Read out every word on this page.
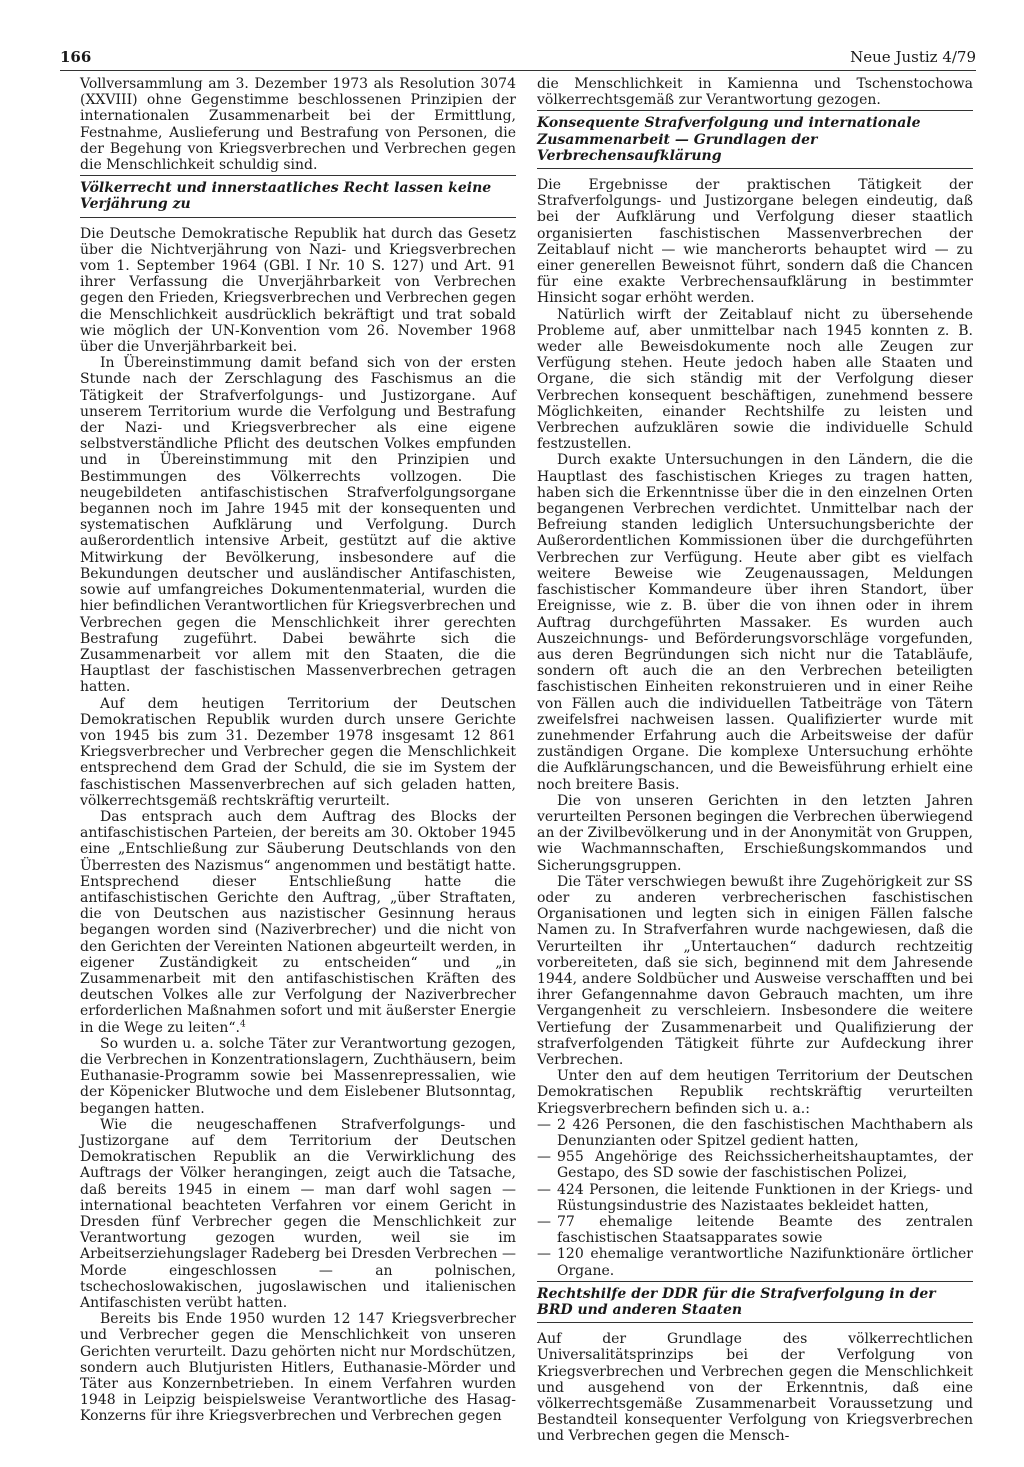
166	Neue Justiz 4/79

Vollversammlung am 3. Dezember 1973 als Resolution 3074 (XXVIII) ohne Gegenstimme beschlossenen Prinzipien der internationalen Zusammenarbeit bei der Ermittlung, Festnahme, Auslieferung und Bestrafung von Personen, die der Begehung von Kriegsverbrechen und Verbrechen gegen die Menschlichkeit schuldig sind.

Völkerrecht und innerstaatliches Recht lassen keine Verjährung zu

Die Deutsche Demokratische Republik hat durch das Gesetz über die Nichtverjährung von Nazi- und Kriegsverbrechen vom 1. September 1964 (GBl. I Nr. 10 S. 127) und Art. 91 ihrer Verfassung die Unverjährbarkeit von Verbrechen gegen den Frieden, Kriegsverbrechen und Verbrechen gegen die Menschlichkeit ausdrücklich bekräftigt und trat sobald wie möglich der UN-Konvention vom 26. November 1968 über die Unverjährbarkeit bei.

In Übereinstimmung damit befand sich von der ersten Stunde nach der Zerschlagung des Faschismus an die Tätigkeit der Strafverfolgungs- und Justizorgane. Auf unserem Territorium wurde die Verfolgung und Bestrafung der Nazi- und Kriegsverbrecher als eine eigene selbstverständliche Pflicht des deutschen Volkes empfunden und in Übereinstimmung mit den Prinzipien und Bestimmungen des Völkerrechts vollzogen. Die neugebildeten antifaschistischen Strafverfolgungsorgane begannen noch im Jahre 1945 mit der konsequenten und systematischen Aufklärung und Verfolgung. Durch außerordentlich intensive Arbeit, gestützt auf die aktive Mitwirkung der Bevölkerung, insbesondere auf die Bekundungen deutscher und ausländischer Antifaschisten, sowie auf umfangreiches Dokumentenmaterial, wurden die hier befindlichen Verantwortlichen für Kriegsverbrechen und Verbrechen gegen die Menschlichkeit ihrer gerechten Bestrafung zugeführt. Dabei bewährte sich die Zusammenarbeit vor allem mit den Staaten, die die Hauptlast der faschistischen Massenverbrechen getragen hatten.

Auf dem heutigen Territorium der Deutschen Demokratischen Republik wurden durch unsere Gerichte von 1945 bis zum 31. Dezember 1978 insgesamt 12 861 Kriegsverbrecher und Verbrecher gegen die Menschlichkeit entsprechend dem Grad der Schuld, die sie im System der faschistischen Massenverbrechen auf sich geladen hatten, völkerrechtsgemäß rechtskräftig verurteilt.

Das entsprach auch dem Auftrag des Blocks der antifaschistischen Parteien, der bereits am 30. Oktober 1945 eine „Entschließung zur Säuberung Deutschlands von den Überresten des Nazismus“ angenommen und bestätigt hatte. Entsprechend dieser Entschließung hatte die antifaschistischen Gerichte den Auftrag, „über Straftaten, die von Deutschen aus nazistischer Gesinnung heraus begangen worden sind (Naziverbrecher) und die nicht von den Gerichten der Vereinten Nationen abgeurteilt werden, in eigener Zuständigkeit zu entscheiden“ und „in Zusammenarbeit mit den antifaschistischen Kräften des deutschen Volkes alle zur Verfolgung der Naziverbrecher erforderlichen Maßnahmen sofort und mit äußerster Energie in die Wege zu leiten“.$^4$

So wurden u. a. solche Täter zur Verantwortung gezogen, die Verbrechen in Konzentrationslagern, Zuchthäusern, beim Euthanasie-Programm sowie bei Massenrepressalien, wie der Köpenicker Blutwoche und dem Eislebener Blutsonntag, begangen hatten.

Wie die neugeschaffenen Strafverfolgungs- und Justizorgane auf dem Territorium der Deutschen Demokratischen Republik an die Verwirklichung des Auftrags der Völker herangingen, zeigt auch die Tatsache, daß bereits 1945 in einem — man darf wohl sagen — international beachteten Verfahren vor einem Gericht in Dresden fünf Verbrecher gegen die Menschlichkeit zur Verantwortung gezogen wurden, weil sie im Arbeitserziehungslager Radeberg bei Dresden Verbrechen — Morde eingeschlossen — an polnischen, tschechoslowakischen, jugoslawischen und italienischen Antifaschisten verübt hatten.

Bereits bis Ende 1950 wurden 12 147 Kriegsverbrecher und Verbrecher gegen die Menschlichkeit von unseren Gerichten verurteilt. Dazu gehörten nicht nur Mordschützen, sondern auch Blutjuristen Hitlers, Euthanasie-Mörder und Täter aus Konzernbetrieben. In einem Verfahren wurden 1948 in Leipzig beispielsweise Verantwortliche des Hasag-Konzerns für ihre Kriegsverbrechen und Verbrechen gegen

die Menschlichkeit in Kamienna und Tschenstochowa völkerrechtsgemäß zur Verantwortung gezogen.

Konsequente Strafverfolgung und internationale Zusammenarbeit — Grundlagen der Verbrechensaufklärung

Die Ergebnisse der praktischen Tätigkeit der Strafverfolgungs- und Justizorgane belegen eindeutig, daß bei der Aufklärung und Verfolgung dieser staatlich organisierten faschistischen Massenverbrechen der Zeitablauf nicht — wie mancherorts behauptet wird — zu einer generellen Beweisnot führt, sondern daß die Chancen für eine exakte Verbrechensaufklärung in bestimmter Hinsicht sogar erhöht werden.

Natürlich wirft der Zeitablauf nicht zu übersehende Probleme auf, aber unmittelbar nach 1945 konnten z. B. weder alle Beweisdokumente noch alle Zeugen zur Verfügung stehen. Heute jedoch haben alle Staaten und Organe, die sich ständig mit der Verfolgung dieser Verbrechen konsequent beschäftigen, zunehmend bessere Möglichkeiten, einander Rechtshilfe zu leisten und Verbrechen aufzuklären sowie die individuelle Schuld festzustellen.

Durch exakte Untersuchungen in den Ländern, die die Hauptlast des faschistischen Krieges zu tragen hatten, haben sich die Erkenntnisse über die in den einzelnen Orten begangenen Verbrechen verdichtet. Unmittelbar nach der Befreiung standen lediglich Untersuchungsberichte der Außerordentlichen Kommissionen über die durchgeführten Verbrechen zur Verfügung. Heute aber gibt es vielfach weitere Beweise wie Zeugenaussagen, Meldungen faschistischer Kommandeure über ihren Standort, über Ereignisse, wie z. B. über die von ihnen oder in ihrem Auftrag durchgeführten Massaker. Es wurden auch Auszeichnungs- und Beförderungsvorschläge vorgefunden, aus deren Begründungen sich nicht nur die Tatabläufe, sondern oft auch die an den Verbrechen beteiligten faschistischen Einheiten rekonstruieren und in einer Reihe von Fällen auch die individuellen Tatbeiträge von Tätern zweifelsfrei nachweisen lassen. Qualifizierter wurde mit zunehmender Erfahrung auch die Arbeitsweise der dafür zuständigen Organe. Die komplexe Untersuchung erhöhte die Aufklärungschancen, und die Beweisführung erhielt eine noch breitere Basis.

Die von unseren Gerichten in den letzten Jahren verurteilten Personen begingen die Verbrechen überwiegend an der Zivilbevölkerung und in der Anonymität von Gruppen, wie Wachmannschaften, Erschießungskommandos und Sicherungsgruppen.

Die Täter verschwiegen bewußt ihre Zugehörigkeit zur SS oder zu anderen verbrecherischen faschistischen Organisationen und legten sich in einigen Fällen falsche Namen zu. In Strafverfahren wurde nachgewiesen, daß die Verurteilten ihr „Untertauchen“ dadurch rechtzeitig vorbereiteten, daß sie sich, beginnend mit dem Jahresende 1944, andere Soldbücher und Ausweise verschafften und bei ihrer Gefangennahme davon Gebrauch machten, um ihre Vergangenheit zu verschleiern. Insbesondere die weitere Vertiefung der Zusammenarbeit und Qualifizierung der strafverfolgenden Tätigkeit führte zur Aufdeckung ihrer Verbrechen.

Unter den auf dem heutigen Territorium der Deutschen Demokratischen Republik rechtskräftig verurteilten Kriegsverbrechern befinden sich u. a.:

— 2 426 Personen, die den faschistischen Machthabern als Denunzianten oder Spitzel gedient hatten,
— 955 Angehörige des Reichssicherheitshauptamtes, der Gestapo, des SD sowie der faschistischen Polizei,
— 424 Personen, die leitende Funktionen in der Kriegs- und Rüstungsindustrie des Nazistaates bekleidet hatten,
— 77 ehemalige leitende Beamte des zentralen faschistischen Staatsapparates sowie
— 120 ehemalige verantwortliche Nazifunktionäre örtlicher Organe.
Rechtshilfe der DDR für die Strafverfolgung in der BRD und anderen Staaten

Auf der Grundlage des völkerrechtlichen Universalitätsprinzips bei der Verfolgung von Kriegsverbrechen und Verbrechen gegen die Menschlichkeit und ausgehend von der Erkenntnis, daß eine völkerrechtsgemäße Zusammenarbeit Voraussetzung und Bestandteil konsequenter Verfolgung von Kriegsverbrechen und Verbrechen gegen die Mensch-
